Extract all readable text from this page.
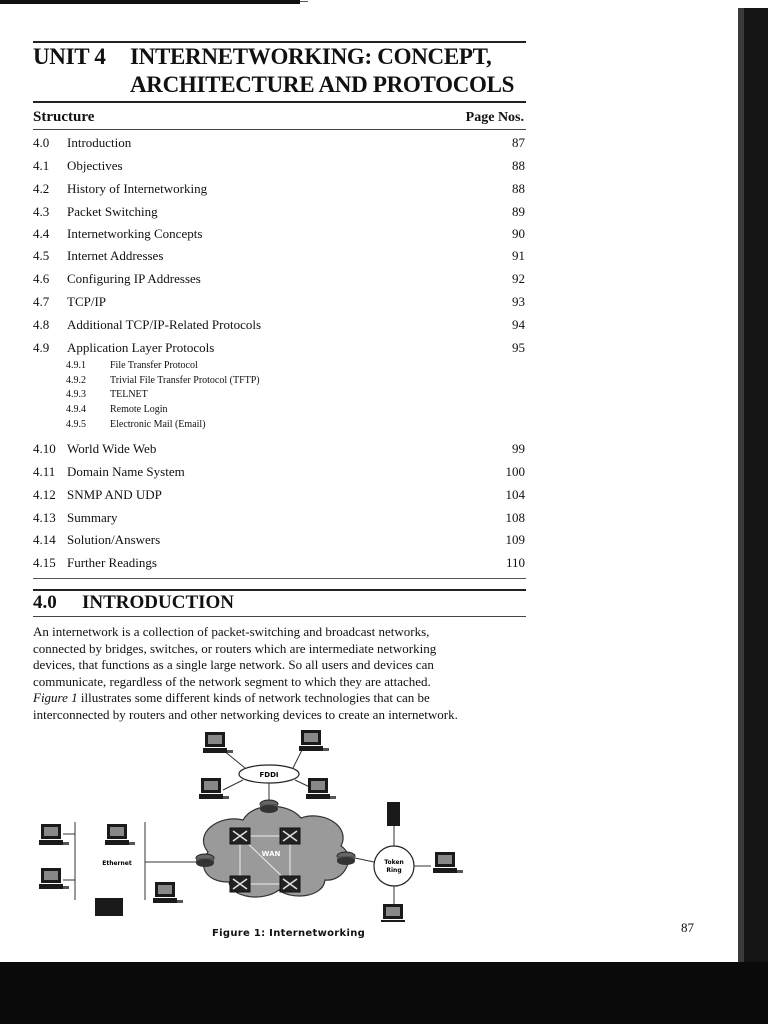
UNIT 4 INTERNETWORKING: CONCEPT,
ARCHITECTURE AND PROTOCOLS
Structure	Page Nos.
4.0 Introduction	87
4.1 Objectives	88
4.2 History of Internetworking	88
4.3 Packet Switching	89
4.4 Internetworking Concepts	90
4.5 Internet Addresses	91
4.6 Configuring IP Addresses	92
4.7 TCP/IP	93
4.8 Additional TCP/IP-Related Protocols	94
4.9 Application Layer Protocols	95
4.9.1 File Transfer Protocol
4.9.2 Trivial File Transfer Protocol (TFTP)
4.9.3 TELNET
4.9.4 Remote Login
4.9.5 Electronic Mail (Email)
4.10 World Wide Web	99
4.11 Domain Name System	100
4.12 SNMP AND UDP	104
4.13 Summary	108
4.14 Solution/Answers	109
4.15 Further Readings	110
4.0 INTRODUCTION
An internetwork is a collection of packet-switching and broadcast networks,
connected by bridges, switches, or routers which are intermediate networking
devices, that functions as a single large network. So all users and devices can
communicate, regardless of the network segment to which they are attached.
Figure 1 illustrates some different kinds of network technologies that can be
interconnected by routers and other networking devices to create an internetwork.
FDDI
WAN
Ethernet	Token
Ring
Figure 1: Internetworking	87
